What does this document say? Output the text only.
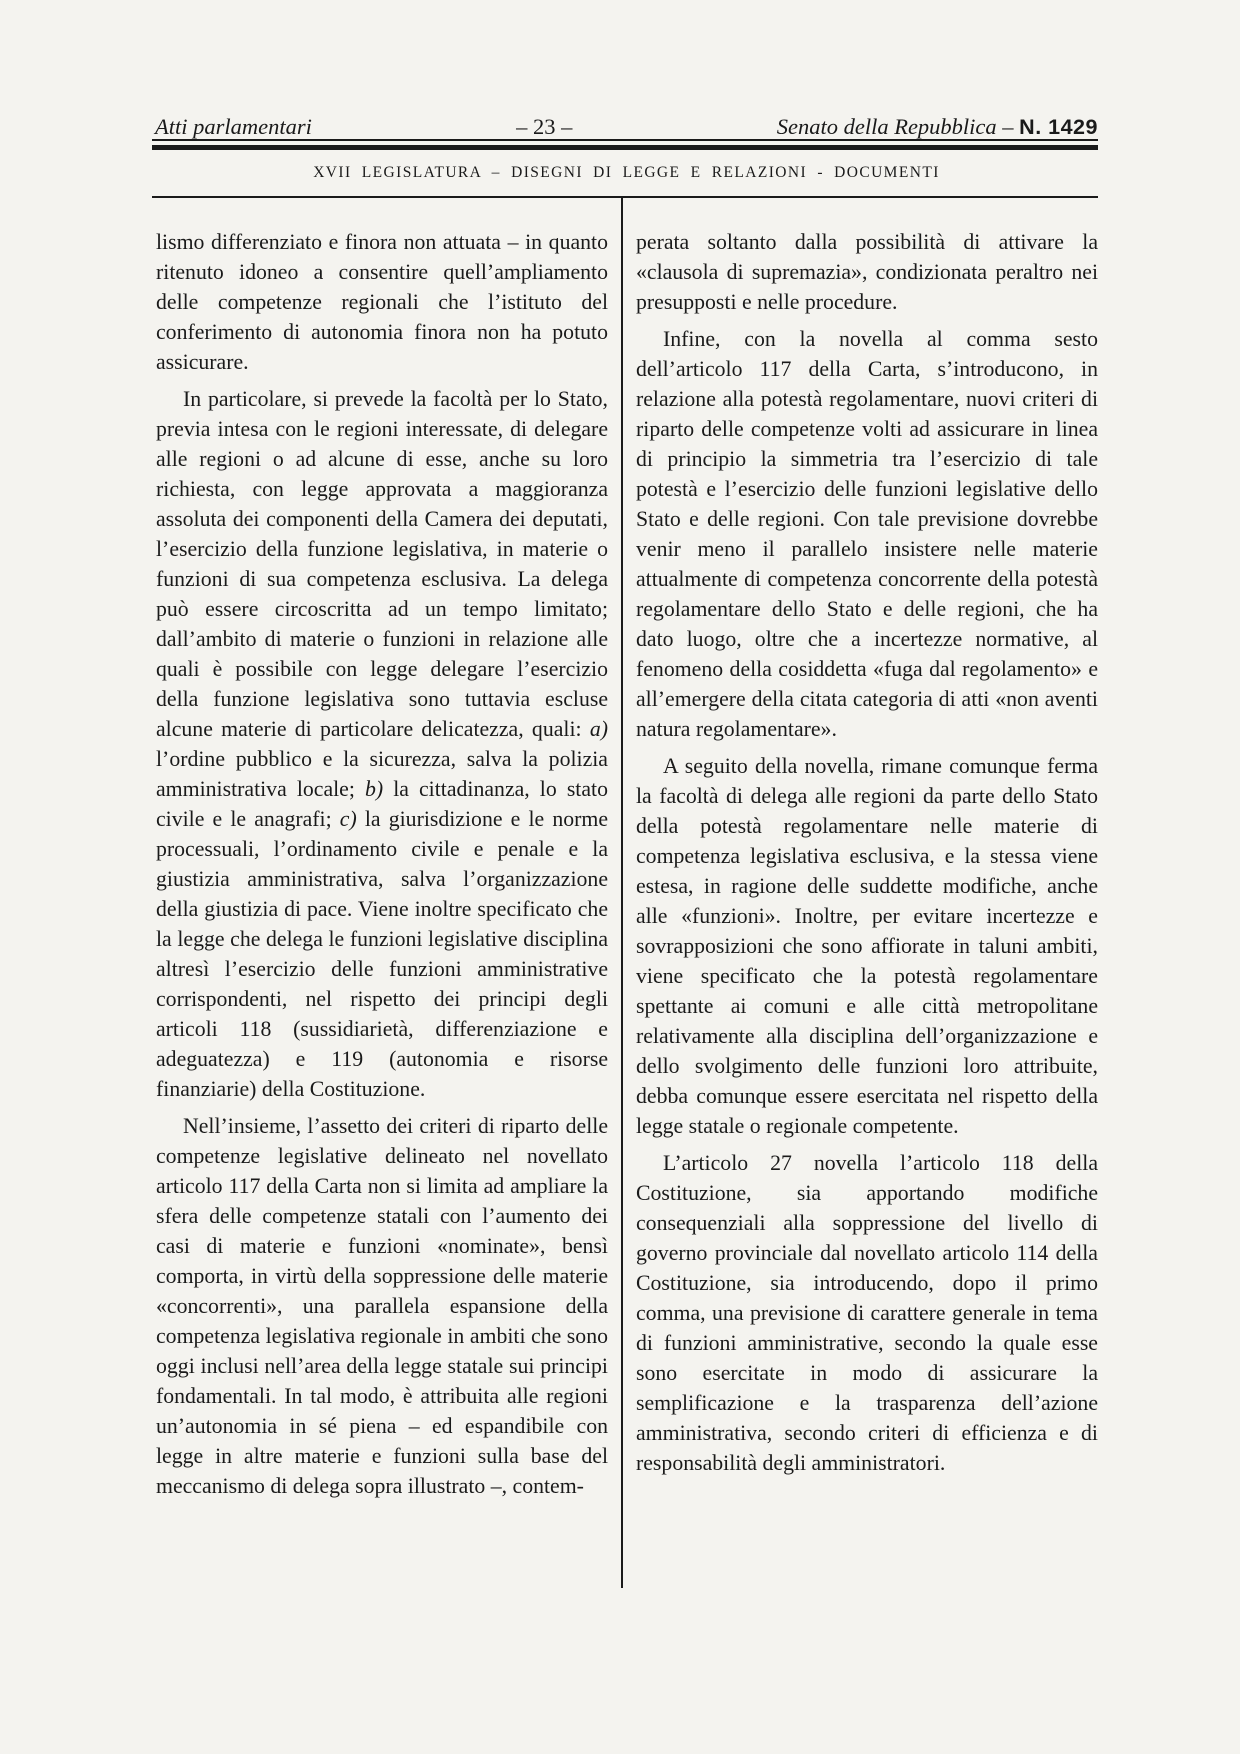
Atti parlamentari	– 23 –	Senato della Repubblica – N. 1429
XVII LEGISLATURA – DISEGNI DI LEGGE E RELAZIONI - DOCUMENTI

lismo differenziato e finora non attuata – in quanto ritenuto idoneo a consentire quell’ampliamento delle competenze regionali che l’istituto del conferimento di autonomia finora non ha potuto assicurare.

In particolare, si prevede la facoltà per lo Stato, previa intesa con le regioni interessate, di delegare alle regioni o ad alcune di esse, anche su loro richiesta, con legge approvata a maggioranza assoluta dei componenti della Camera dei deputati, l’esercizio della funzione legislativa, in materie o funzioni di sua competenza esclusiva. La delega può essere circoscritta ad un tempo limitato; dall’ambito di materie o funzioni in relazione alle quali è possibile con legge delegare l’esercizio della funzione legislativa sono tuttavia escluse alcune materie di particolare delicatezza, quali: a) l’ordine pubblico e la sicurezza, salva la polizia amministrativa locale; b) la cittadinanza, lo stato civile e le anagrafi; c) la giurisdizione e le norme processuali, l’ordinamento civile e penale e la giustizia amministrativa, salva l’organizzazione della giustizia di pace. Viene inoltre specificato che la legge che delega le funzioni legislative disciplina altresì l’esercizio delle funzioni amministrative corrispondenti, nel rispetto dei principi degli articoli 118 (sussidiarietà, differenziazione e adeguatezza) e 119 (autonomia e risorse finanziarie) della Costituzione.

Nell’insieme, l’assetto dei criteri di riparto delle competenze legislative delineato nel novellato articolo 117 della Carta non si limita ad ampliare la sfera delle competenze statali con l’aumento dei casi di materie e funzioni «nominate», bensì comporta, in virtù della soppressione delle materie «concorrenti», una parallela espansione della competenza legislativa regionale in ambiti che sono oggi inclusi nell’area della legge statale sui principi fondamentali. In tal modo, è attribuita alle regioni un’autonomia in sé piena – ed espandibile con legge in altre materie e funzioni sulla base del meccanismo di delega sopra illustrato –, contem-

perata soltanto dalla possibilità di attivare la «clausola di supremazia», condizionata peraltro nei presupposti e nelle procedure.

Infine, con la novella al comma sesto dell’articolo 117 della Carta, s’introducono, in relazione alla potestà regolamentare, nuovi criteri di riparto delle competenze volti ad assicurare in linea di principio la simmetria tra l’esercizio di tale potestà e l’esercizio delle funzioni legislative dello Stato e delle regioni. Con tale previsione dovrebbe venir meno il parallelo insistere nelle materie attualmente di competenza concorrente della potestà regolamentare dello Stato e delle regioni, che ha dato luogo, oltre che a incertezze normative, al fenomeno della cosiddetta «fuga dal regolamento» e all’emergere della citata categoria di atti «non aventi natura regolamentare».

A seguito della novella, rimane comunque ferma la facoltà di delega alle regioni da parte dello Stato della potestà regolamentare nelle materie di competenza legislativa esclusiva, e la stessa viene estesa, in ragione delle suddette modifiche, anche alle «funzioni». Inoltre, per evitare incertezze e sovrapposizioni che sono affiorate in taluni ambiti, viene specificato che la potestà regolamentare spettante ai comuni e alle città metropolitane relativamente alla disciplina dell’organizzazione e dello svolgimento delle funzioni loro attribuite, debba comunque essere esercitata nel rispetto della legge statale o regionale competente.

L’articolo 27 novella l’articolo 118 della Costituzione, sia apportando modifiche consequenziali alla soppressione del livello di governo provinciale dal novellato articolo 114 della Costituzione, sia introducendo, dopo il primo comma, una previsione di carattere generale in tema di funzioni amministrative, secondo la quale esse sono esercitate in modo di assicurare la semplificazione e la trasparenza dell’azione amministrativa, secondo criteri di efficienza e di responsabilità degli amministratori.
